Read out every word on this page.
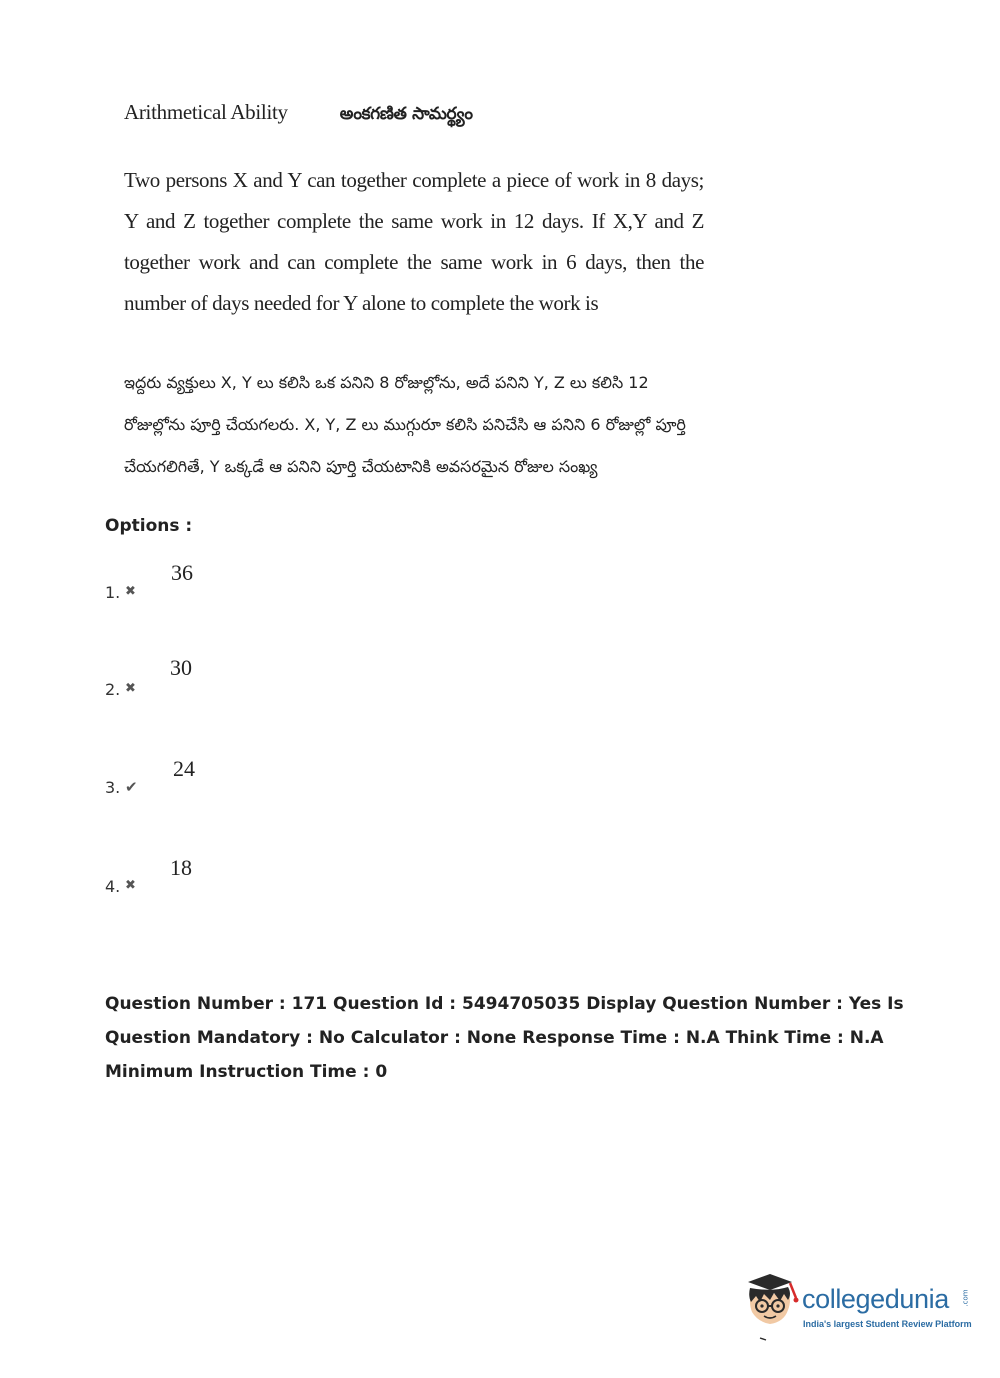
Arithmetical Ability	అంకగణిత సామర్థ్యం
Two persons X and Y can together complete a piece of work in 8 days; Y and Z together complete the same work in 12 days. If X,Y and Z together work and can complete the same work in 6 days, then the number of days needed for Y alone to complete the work is
ఇద్దరు వ్యక్తులు X, Y లు కలిసి ఒక పనిని 8 రోజుల్లోను, అదే పనిని Y, Z లు కలిసి 12 రోజుల్లోను పూర్తి చేయగలరు. X, Y, Z లు ముగ్గురూ కలిసి పనిచేసి ఆ పనిని 6 రోజుల్లో పూర్తి చేయగలిగితే, Y ఒక్కడే ఆ పనిని పూర్తి చేయటానికి అవసరమైన రోజుల సంఖ్య
Options :
1. ✖
36
2. ✖
30
3. ✔
24
4. ✖
18
Question Number : 171 Question Id : 5494705035 Display Question Number : Yes Is Question Mandatory : No Calculator : None Response Time : N.A Think Time : N.A Minimum Instruction Time : 0
collegedunia .com
India's largest Student Review Platform
